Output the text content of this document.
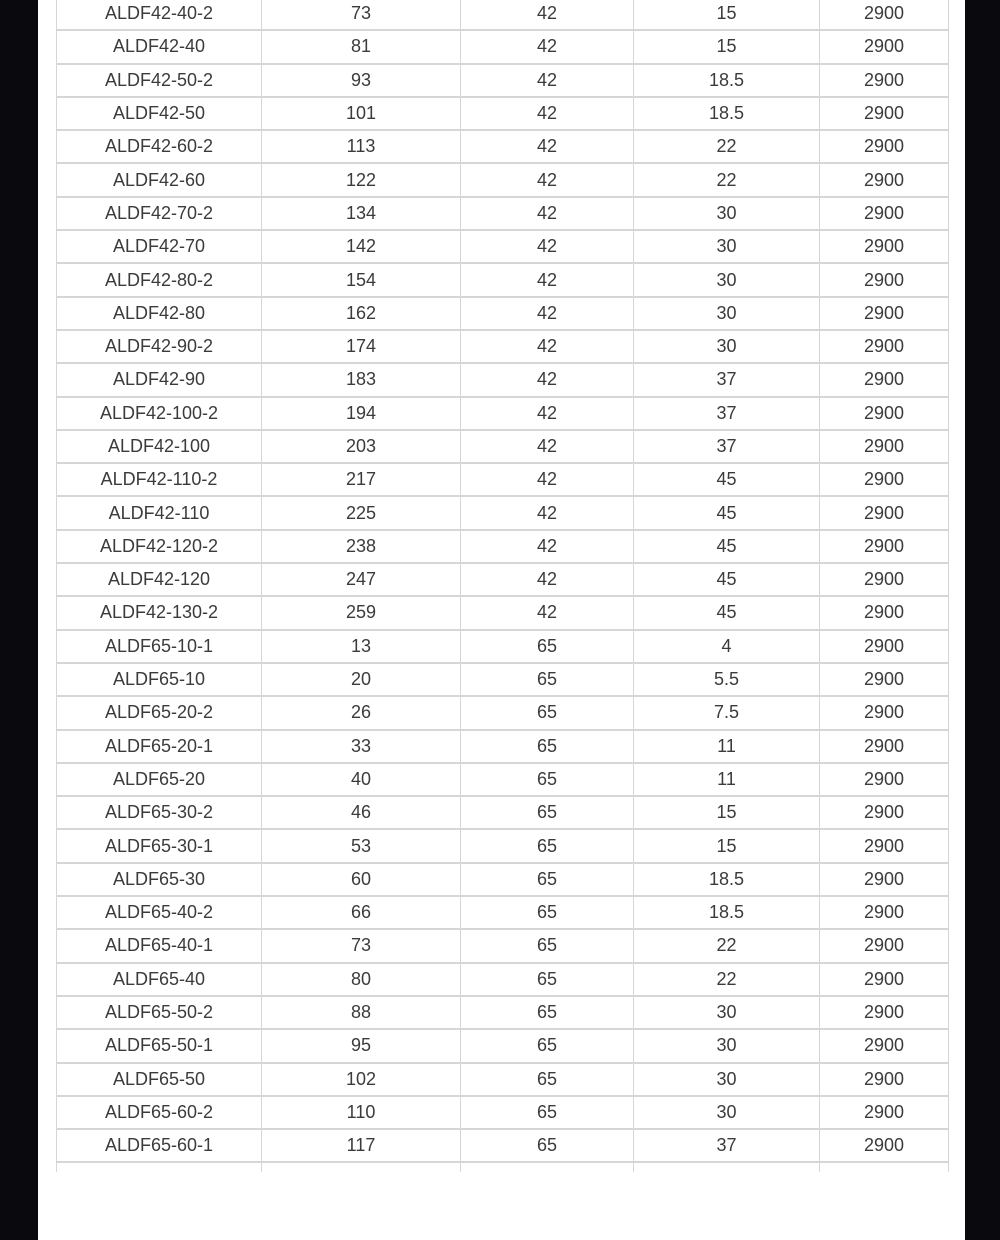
ALDF42-40-2	73	42	15	2900
ALDF42-40	81	42	15	2900
ALDF42-50-2	93	42	18.5	2900
ALDF42-50	101	42	18.5	2900
ALDF42-60-2	113	42	22	2900
ALDF42-60	122	42	22	2900
ALDF42-70-2	134	42	30	2900
ALDF42-70	142	42	30	2900
ALDF42-80-2	154	42	30	2900
ALDF42-80	162	42	30	2900
ALDF42-90-2	174	42	30	2900
ALDF42-90	183	42	37	2900
ALDF42-100-2	194	42	37	2900
ALDF42-100	203	42	37	2900
ALDF42-110-2	217	42	45	2900
ALDF42-110	225	42	45	2900
ALDF42-120-2	238	42	45	2900
ALDF42-120	247	42	45	2900
ALDF42-130-2	259	42	45	2900
ALDF65-10-1	13	65	4	2900
ALDF65-10	20	65	5.5	2900
ALDF65-20-2	26	65	7.5	2900
ALDF65-20-1	33	65	11	2900
ALDF65-20	40	65	11	2900
ALDF65-30-2	46	65	15	2900
ALDF65-30-1	53	65	15	2900
ALDF65-30	60	65	18.5	2900
ALDF65-40-2	66	65	18.5	2900
ALDF65-40-1	73	65	22	2900
ALDF65-40	80	65	22	2900
ALDF65-50-2	88	65	30	2900
ALDF65-50-1	95	65	30	2900
ALDF65-50	102	65	30	2900
ALDF65-60-2	110	65	30	2900
ALDF65-60-1	117	65	37	2900
